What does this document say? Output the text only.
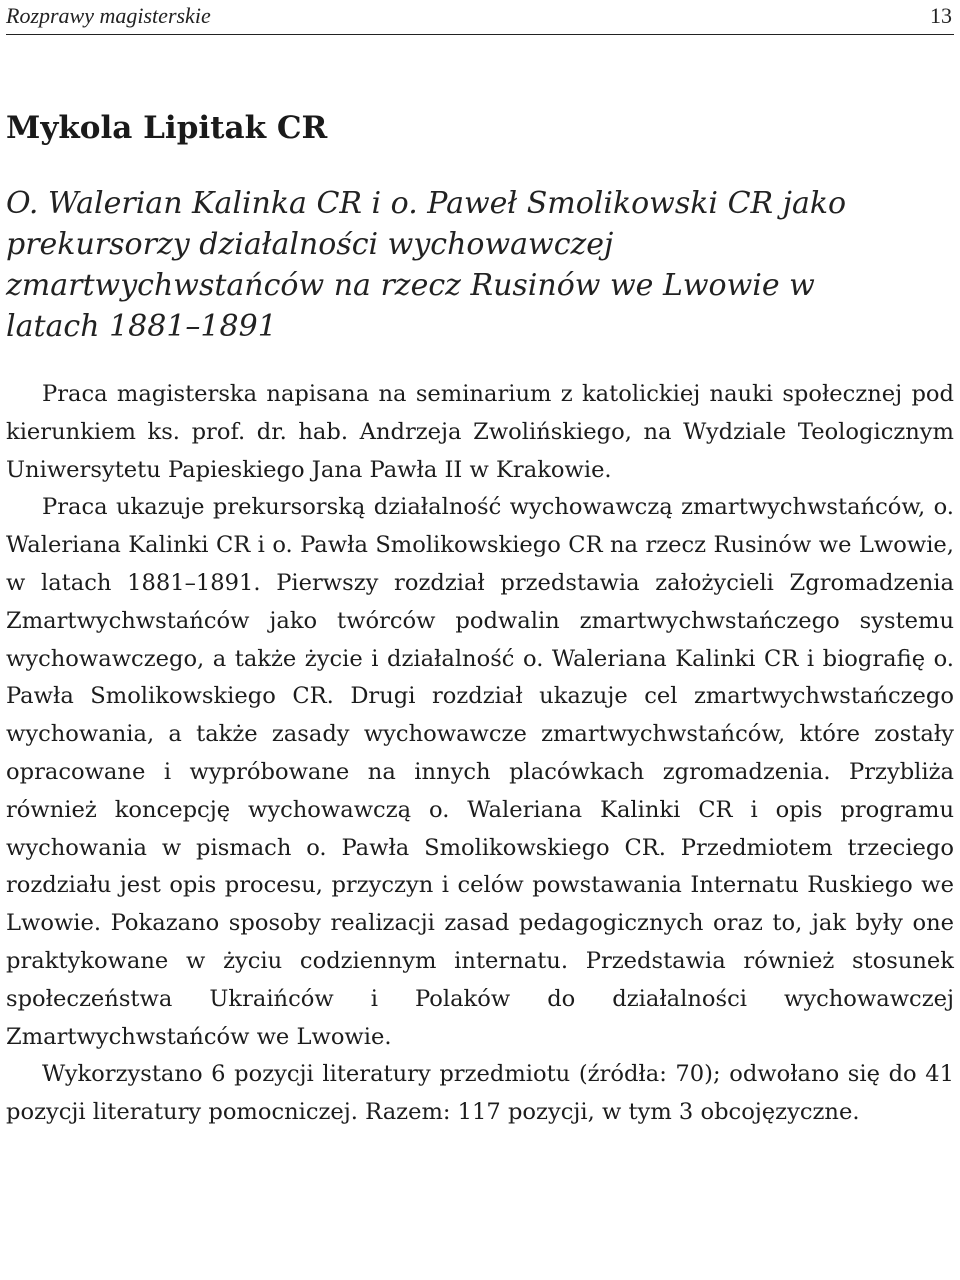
Rozprawy magisterskie	13
Mykola Lipitak CR
O. Walerian Kalinka CR i o. Paweł Smolikowski CR jako prekursorzy działalności wychowawczej zmartwychwstańców na rzecz Rusinów we Lwowie w latach 1881–1891

Praca magisterska napisana na seminarium z katolickiej nauki społecznej pod kierunkiem ks. prof. dr. hab. Andrzeja Zwolińskiego, na Wydziale Teologicznym Uniwersytetu Papieskiego Jana Pawła II w Krakowie.

Praca ukazuje prekursorską działalność wychowawczą zmartwychwstańców, o. Waleriana Kalinki CR i o. Pawła Smolikowskiego CR na rzecz Rusinów we Lwowie, w latach 1881–1891. Pierwszy rozdział przedstawia założycieli Zgromadzenia Zmartwychwstańców jako twórców podwalin zmartwychwstańczego systemu wychowawczego, a także życie i działalność o. Waleriana Kalinki CR i biografię o. Pawła Smolikowskiego CR. Drugi rozdział ukazuje cel zmartwychwstańczego wychowania, a także zasady wychowawcze zmartwychwstańców, które zostały opracowane i wypróbowane na innych placówkach zgromadzenia. Przybliża również koncepcję wychowawczą o. Waleriana Kalinki CR i opis programu wychowania w pismach o. Pawła Smolikowskiego CR. Przedmiotem trzeciego rozdziału jest opis procesu, przyczyn i celów powstawania Internatu Ruskiego we Lwowie. Pokazano sposoby realizacji zasad pedagogicznych oraz to, jak były one praktykowane w życiu codziennym internatu. Przedstawia również stosunek społeczeństwa Ukraińców i Polaków do działalności wychowawczej Zmartwychwstańców we Lwowie.

Wykorzystano 6 pozycji literatury przedmiotu (źródła: 70); odwołano się do 41 pozycji literatury pomocniczej. Razem: 117 pozycji, w tym 3 obcojęzyczne.
